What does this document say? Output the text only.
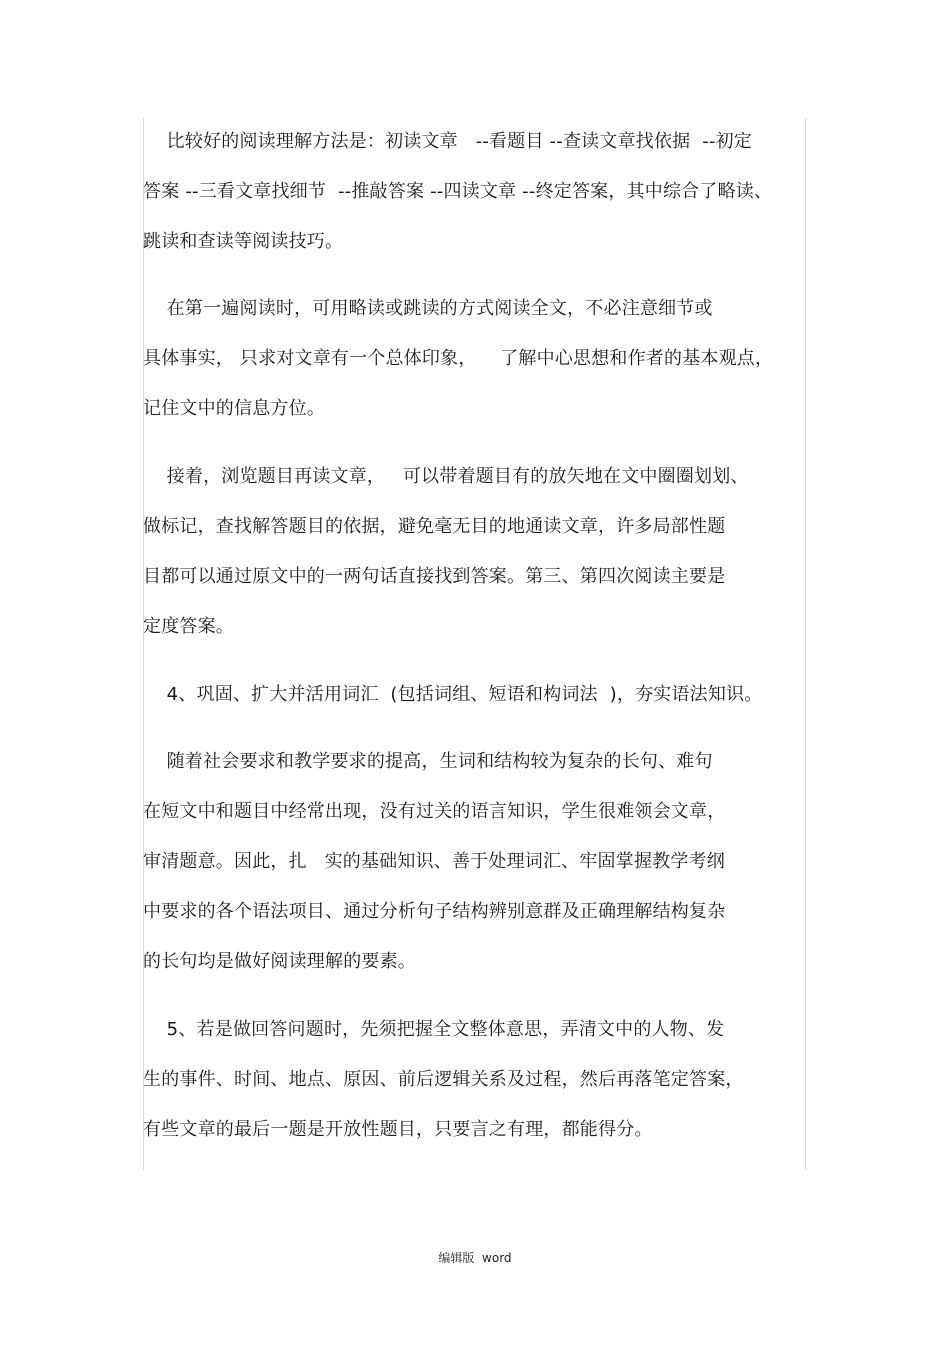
比较好的阅读理解方法是：初读文章   --看题目 --查读文章找依据  --初定
答案 --三看文章找细节  --推敲答案 --四读文章 --终定答案，其中综合了略读、
跳读和查读等阅读技巧。
在第一遍阅读时，可用略读或跳读的方式阅读全文，不必注意细节或
具体事实， 只求对文章有一个总体印象，    了解中心思想和作者的基本观点，
记住文中的信息方位。
接着，浏览题目再读文章，   可以带着题目有的放矢地在文中圈圈划划、
做标记，查找解答题目的依据，避免毫无目的地通读文章，许多局部性题
目都可以通过原文中的一两句话直接找到答案。第三、第四次阅读主要是
定度答案。
4、巩固、扩大并活用词汇  (包括词组、短语和构词法  )，夯实语法知识。
随着社会要求和教学要求的提高，生词和结构较为复杂的长句、难句
在短文中和题目中经常出现，没有过关的语言知识，学生很难领会文章，
审清题意。因此，扎   实的基础知识、善于处理词汇、牢固掌握教学考纲
中要求的各个语法项目、通过分析句子结构辨别意群及正确理解结构复杂
的长句均是做好阅读理解的要素。
5、若是做回答问题时，先须把握全文整体意思，弄清文中的人物、发
生的事件、时间、地点、原因、前后逻辑关系及过程，然后再落笔定答案，
有些文章的最后一题是开放性题目，只要言之有理，都能得分。
编辑版  word
